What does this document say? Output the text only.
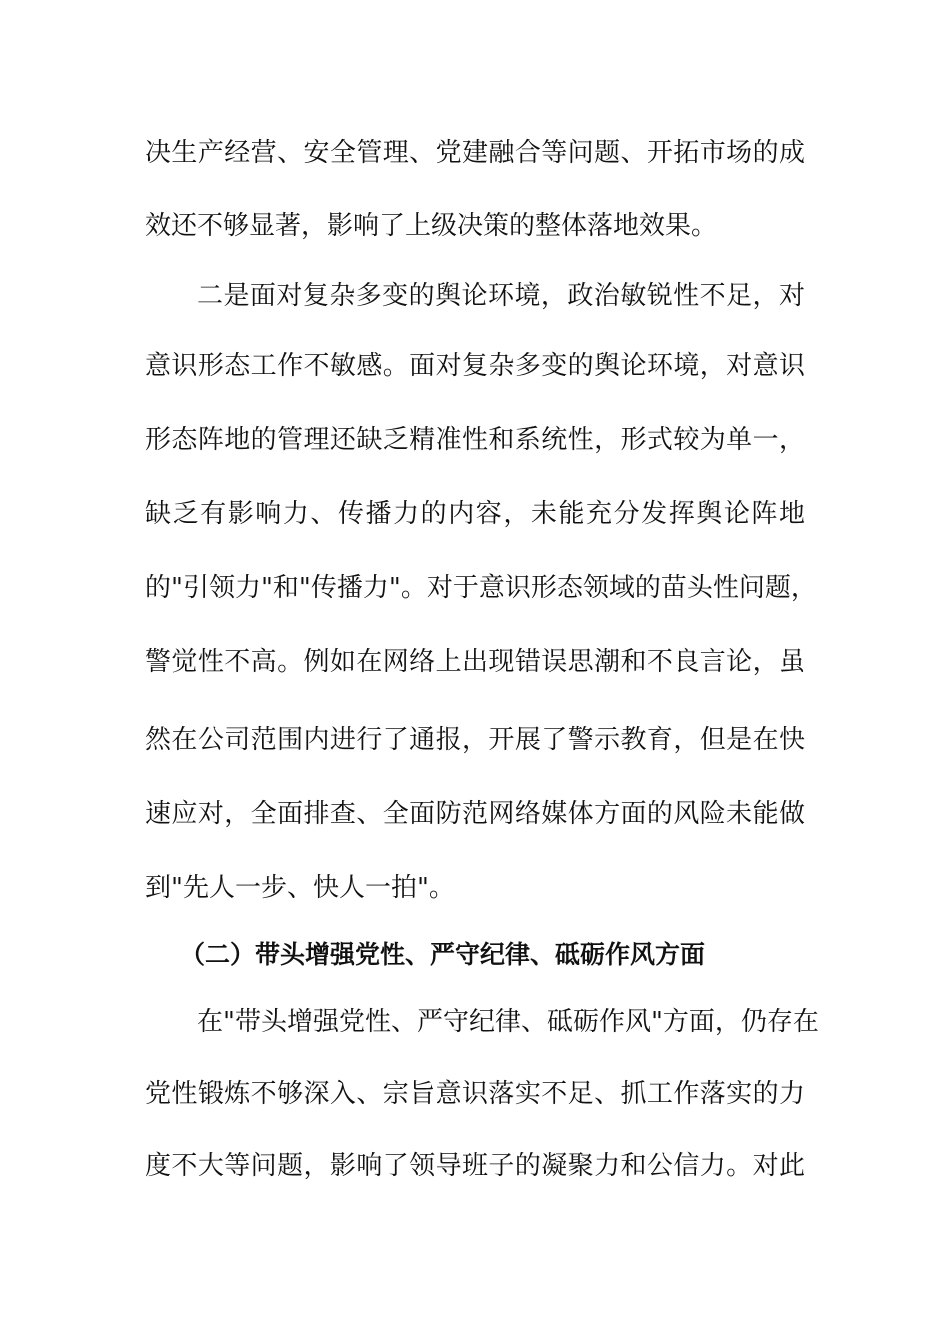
决生产经营、安全管理、党建融合等问题、开拓市场的成
效还不够显著，影响了上级决策的整体落地效果。
二是面对复杂多变的舆论环境，政治敏锐性不足，对
意识形态工作不敏感。面对复杂多变的舆论环境，对意识
形态阵地的管理还缺乏精准性和系统性，形式较为单一，
缺乏有影响力、传播力的内容，未能充分发挥舆论阵地
的"引领力"和"传播力"。对于意识形态领域的苗头性问题，
警觉性不高。例如在网络上出现错误思潮和不良言论，虽
然在公司范围内进行了通报，开展了警示教育，但是在快
速应对，全面排查、全面防范网络媒体方面的风险未能做
到"先人一步、快人一拍"。
（二）带头增强党性、严守纪律、砥砺作风方面
在"带头增强党性、严守纪律、砥砺作风"方面，仍存在
党性锻炼不够深入、宗旨意识落实不足、抓工作落实的力
度不大等问题，影响了领导班子的凝聚力和公信力。对此
